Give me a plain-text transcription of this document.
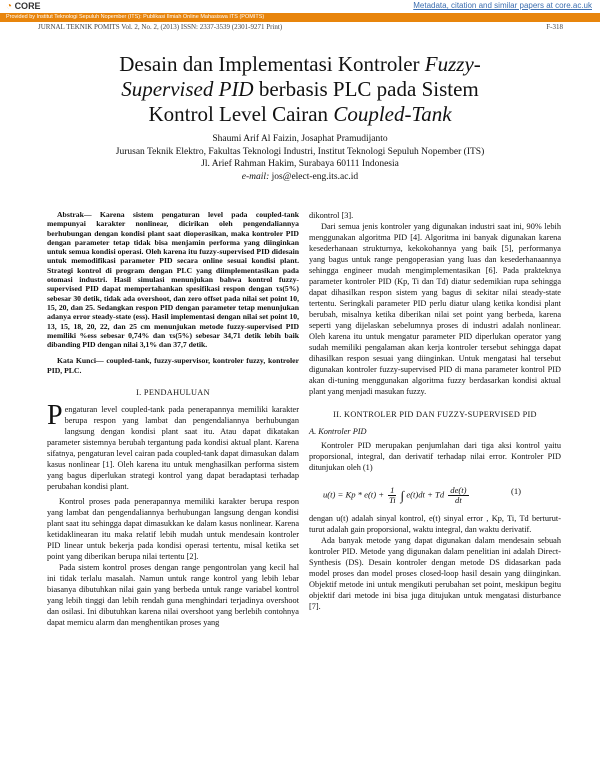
◔ CORE	Metadata, citation and similar papers at core.ac.uk
Provided by Institut Teknologi Sepuluh Nopember (ITS): Publikasi Ilmiah Online Mahasiswa ITS (POMITS)
JURNAL TEKNIK POMITS Vol. 2, No. 2, (2013) ISSN: 2337-3539 (2301-9271 Print)	F-318
Desain dan Implementasi Kontroler Fuzzy-
Supervised PID berbasis PLC pada Sistem
Kontrol Level Cairan Coupled-Tank
Shaumi Arif Al Faizin, Josaphat Pramudijanto
Jurusan Teknik Elektro, Fakultas Teknologi Industri, Institut Teknologi Sepuluh Nopember (ITS)
Jl. Arief Rahman Hakim, Surabaya 60111 Indonesia
e-mail: jos@elect-eng.its.ac.id

Abstrak— Karena sistem pengaturan level pada coupled-tank mempunyai karakter nonlinear, dicirikan oleh pengendaliannya berhubungan dengan kondisi plant saat dioperasikan, maka kontroler PID dengan parameter tetap tidak bisa menjamin performa yang diinginkan untuk semua kondisi operasi. Oleh karena itu fuzzy-supervised PID didesain untuk memodifikasi parameter PID secara online sesuai kondisi plant. Strategi kontrol di program dengan PLC yang diimplementasikan pada otomasi industri. Hasil simulasi menunjukan bahwa kontrol fuzzy-supervised PID dapat mempertahankan spesifikasi respon dengan τs(5%) sebesar 30 detik, tidak ada overshoot, dan zero offset pada nilai set point 10, 15, 20, dan 25. Sedangkan respon PID dengan parameter tetap menunjukan adanya error steady-state (ess). Hasil implementasi dengan nilai set point 10, 13, 15, 18, 20, 22, dan 25 cm menunjukan metode fuzzy-supervised PID memiliki %ess sebesar 0,74% dan τs(5%) sebesar 34,71 detik lebih baik dibanding PID dengan nilai 3,1% dan 37,7 detik.

Kata Kunci— coupled-tank, fuzzy-supervisor, kontroler fuzzy, kontroler PID, PLC.

I. PENDAHULUAN

Pengaturan level coupled-tank pada penerapannya memiliki karakter berupa respon yang lambat dan pengendaliannya berhubungan langsung dengan kondisi plant saat itu. Atau dapat dikatakan parameter sistemnya berubah tergantung pada kondisi aktual plant. Karena sifatnya, pengaturan level cairan pada coupled-tank dapat dimasukan dalam kasus nonlinear [1]. Oleh karena itu untuk menghasilkan performa sistem yang bagus diperlukan strategi kontrol yang dapat beradaptasi terhadap perubahan kondisi plant.

Kontrol proses pada penerapannya memiliki karakter berupa respon yang lambat dan pengendaliannya berhubungan langsung dengan kondisi plant saat itu sehingga dapat dimasukkan ke dalam kasus nonlinear. Karena ketidaklinearan itu maka relatif lebih mudah untuk mendesain kontroler PID linear untuk bekerja pada kondisi operasi tertentu, misal ketika set point yang diberikan berupa nilai tertentu [2].

Pada sistem kontrol proses dengan range pengontrolan yang kecil hal ini tidak terlalu masalah. Namun untuk range kontrol yang lebih lebar biasanya dibutuhkan nilai gain yang berbeda untuk range variabel kontrol yang lebih tinggi dan lebih rendah guna menghindari terjadinya overshoot dan osilasi. Ini dibutuhkan karena nilai overshoot yang berlebih contohnya dapat memicu alarm dan menghentikan proses yang

dikontrol [3].

Dari semua jenis kontroler yang digunakan industri saat ini, 90% lebih menggunakan algoritma PID [4]. Algoritma ini banyak digunakan karena kesederhanaan strukturnya, kekokohannya yang baik [5], performanya yang bagus untuk range pengoperasian yang luas dan kesederhanaannya sehingga engineer mudah mengimplementasikan [6]. Pada prakteknya parameter kontroler PID (Kp, Ti dan Td) diatur sedemikian rupa sehingga dapat dihasilkan respon sistem yang bagus di sekitar nilai steady-state tertentu. Seringkali parameter PID perlu diatur ulang ketika kondisi plant berubah, misalnya ketika diberikan nilai set point yang berbeda, karena seperti yang dijelaskan sebelumnya proses di industri adalah nonlinear. Oleh karena itu untuk mengatur parameter PID diperlukan operator yang sudah memiliki pengalaman akan kerja kontroler tersebut sehingga dapat dihasilkan respon sesuai yang diinginkan. Untuk mengatasi hal tersebut digunakan kontroler fuzzy-supervised PID di mana parameter kontrol PID akan di-tuning menggunakan algoritma fuzzy berdasarkan kondisi aktual plant yang menjadi masukan fuzzy.

II. KONTROLER PID DAN FUZZY-SUPERVISED PID
A. Kontroler PID

Kontroler PID merupakan penjumlahan dari tiga aksi kontrol yaitu proporsional, integral, dan derivatif terhadap nilai error. Kontroler PID ditunjukan oleh (1)

$u(t) = Kp * e(t) + \frac{1}{Ti}$ ∫ e(t)dt + Td $\frac{de(t)}{dt}$	(1)

dengan u(t) adalah sinyal kontrol, e(t) sinyal error , Kp, Ti, Td berturut-turut adalah gain proporsional, waktu integral, dan waktu derivatif.

Ada banyak metode yang dapat digunakan dalam mendesain sebuah kontroler PID. Metode yang digunakan dalam penelitian ini adalah Direct-Synthesis (DS). Desain kontroler dengan metode DS didasarkan pada model proses dan model proses closed-loop hasil desain yang diinginkan. Objektif metode ini untuk mengikuti perubahan set point, meskipun begitu objektif dari metode ini bisa juga ditujukan untuk mengatasi disturbance [7].
